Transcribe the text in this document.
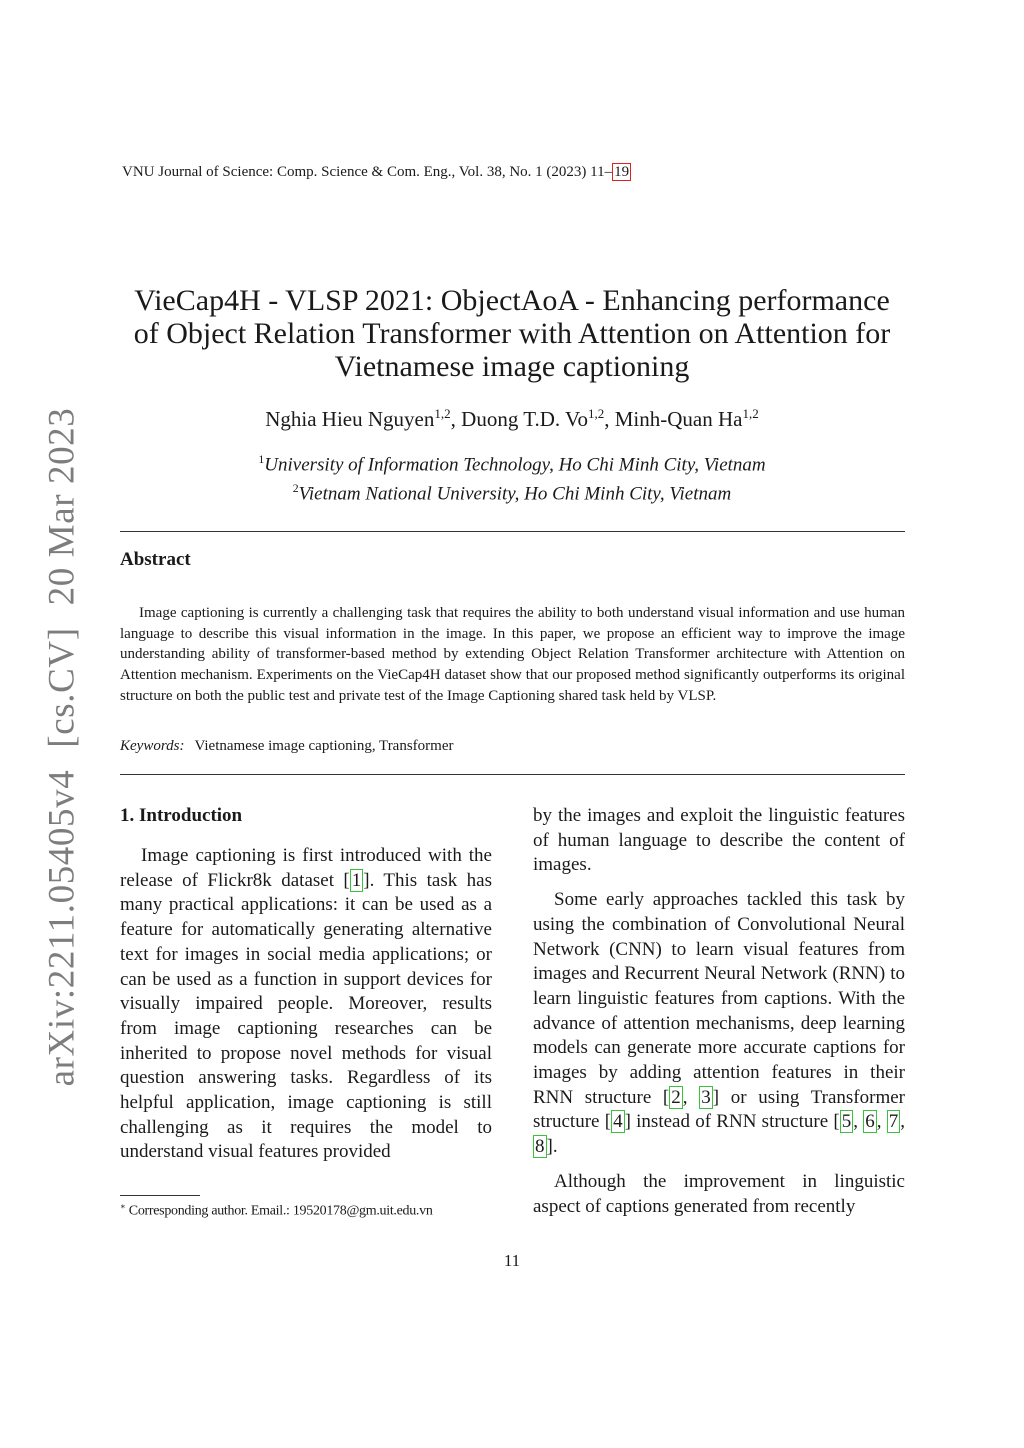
VNU Journal of Science: Comp. Science & Com. Eng., Vol. 38, No. 1 (2023) 11– 19
VieCap4H - VLSP 2021: ObjectAoA - Enhancing performance
of Object Relation Transformer with Attention on Attention for
Vietnamese image captioning
Nghia Hieu Nguyen$^{1,2}$, Duong T.D. Vo$^{1,2}$, Minh-Quan Ha$^{1,2}$
$^1$University of Information Technology, Ho Chi Minh City, Vietnam
$^2$Vietnam National University, Ho Chi Minh City, Vietnam
Abstract

Image captioning is currently a challenging task that requires the ability to both understand visual information and use human language to describe this visual information in the image. In this paper, we propose an efficient way to improve the image understanding ability of transformer-based method by extending Object Relation Transformer architecture with Attention on Attention mechanism. Experiments on the VieCap4H dataset show that our proposed method significantly outperforms its original structure on both the public test and private test of the Image Captioning shared task held by VLSP.

Keywords: Vietnamese image captioning, Transformer
1. Introduction

Image captioning is first introduced with the release of Flickr8k dataset [ 1 ]. This task has many practical applications: it can be used as a feature for automatically generating alternative text for images in social media applications; or can be used as a function in support devices for visually impaired people. Moreover, results from image captioning researches can be inherited to propose novel methods for visual question answering tasks. Regardless of its helpful application, image captioning is still challenging as it requires the model to understand visual features provided

by the images and exploit the linguistic features of human language to describe the content of images.

Some early approaches tackled this task by using the combination of Convolutional Neural Network (CNN) to learn visual features from images and Recurrent Neural Network (RNN) to learn linguistic features from captions. With the advance of attention mechanisms, deep learning models can generate more accurate captions for images by adding attention features in their RNN structure [ 2 , 3 ] or using Transformer structure [ 4 ] instead of RNN structure [ 5 , 6 , 7 , 8 ].

Although the improvement in linguistic aspect of captions generated from recently

∗ Corresponding author. Email.: 19520178@gm.uit.edu.vn
11
arXiv:2211.05405v4[cs.CV]20 Mar 2023
